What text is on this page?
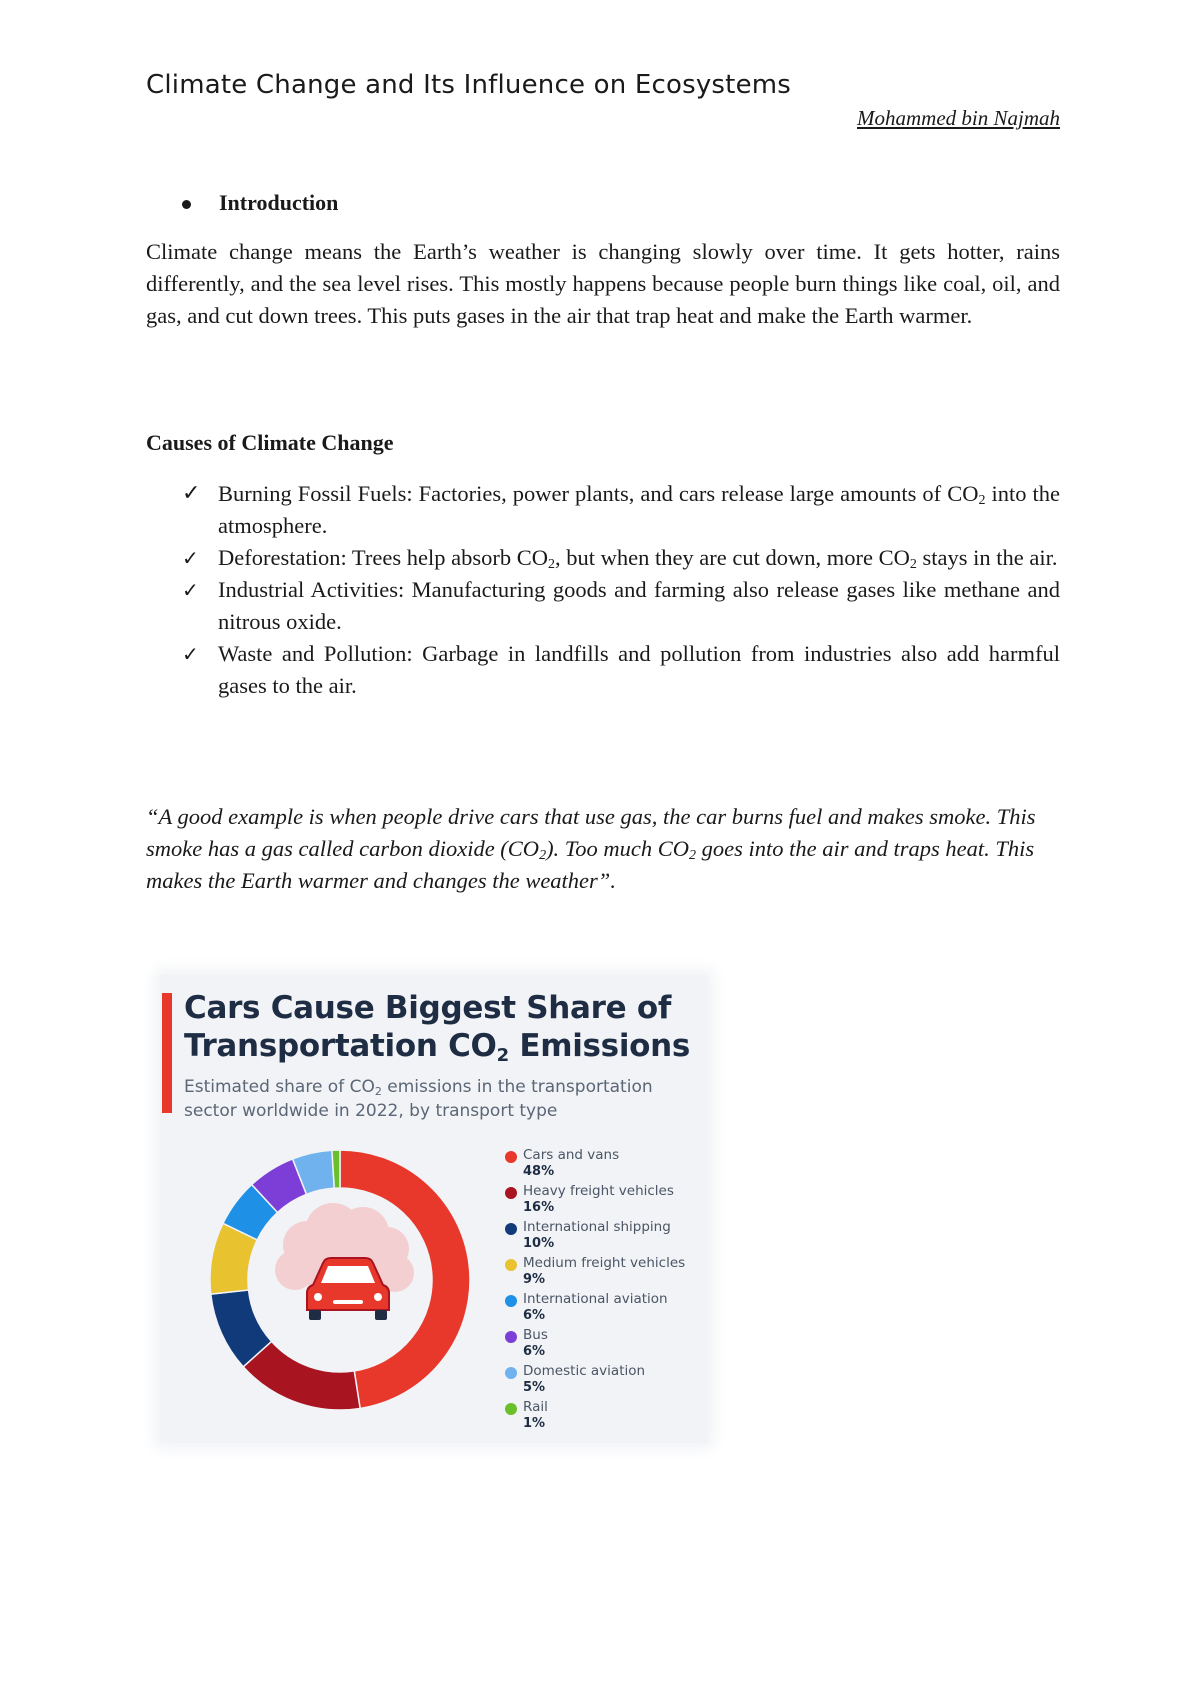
Climate Change and Its Influence on Ecosystems
Mohammed bin Najmah
Introduction

Climate change means the Earth’s weather is changing slowly over time. It gets hotter, rains differently, and the sea level rises. This mostly happens because people burn things like coal, oil, and gas, and cut down trees. This puts gases in the air that trap heat and make the Earth warmer.

Causes of Climate Change
✓ Burning Fossil Fuels: Factories, power plants, and cars release large amounts of $CO_2$ into the atmosphere.
✓ Deforestation: Trees help absorb $CO_2$, but when they are cut down, more $CO_2$ stays in the air.
✓ Industrial Activities: Manufacturing goods and farming also release gases like methane and nitrous oxide.
✓ Waste and Pollution: Garbage in landfills and pollution from industries also add harmful gases to the air.

“A good example is when people drive cars that use gas, the car burns fuel and makes smoke. This smoke has a gas called carbon dioxide $(CO_2)$. Too much $CO_2$ goes into the air and traps heat. This makes the Earth warmer and changes the weather”.

Cars Cause Biggest Share of Transportation $CO_2$ Emissions

Estimated share of $CO_2$ emissions in the transportation sector worldwide in 2022, by transport type

Cars and vans
48%
Heavy freight vehicles
16%
International shipping
10%
Medium freight vehicles
9%
International aviation
6%
Bus
6%
Domestic aviation
5%
Rail
1%
